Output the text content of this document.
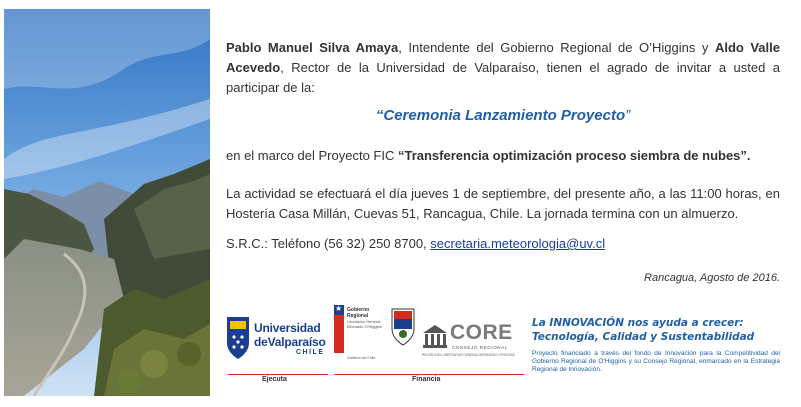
Pablo Manuel Silva Amaya, Intendente del Gobierno Regional de O’Higgins y Aldo Valle Acevedo, Rector de la Universidad de Valparaíso, tienen el agrado de invitar a usted a participar de la:

“Ceremonia Lanzamiento Proyecto”
en el marco del Proyecto FIC “Transferencia optimización proceso siembra de nubes”.

La actividad se efectuará el día jueves 1 de septiembre, del presente año, a las 11:00 horas, en Hostería Casa Millán, Cuevas 51, Rancagua, Chile. La jornada termina con un almuerzo.

S.R.C.: Teléfono (56 32) 250 8700, secretaria.meteorologia@uv.cl
Rancagua, Agosto de 2016.
Universidad
deValparaíso
CHILE
Ejecuta
★ Gobierno
Regional
Libertador General
Bernardo O'Higgins
Gobierno de Chile
Financia
CORE
CONSEJO REGIONAL
REGIÓN DEL LIBERTADOR GENERAL BERNARDO O'HIGGINS
La INNOVACIÓN nos ayuda a crecer:
Tecnología, Calidad y Sustentabilidad
Proyecto financiado a través del fondo de Innovación para la Competitividad del Gobierno Regional de O'Higgins y su Consejo Regional, enmarcado en la Estrategia Regional de Innovación.
